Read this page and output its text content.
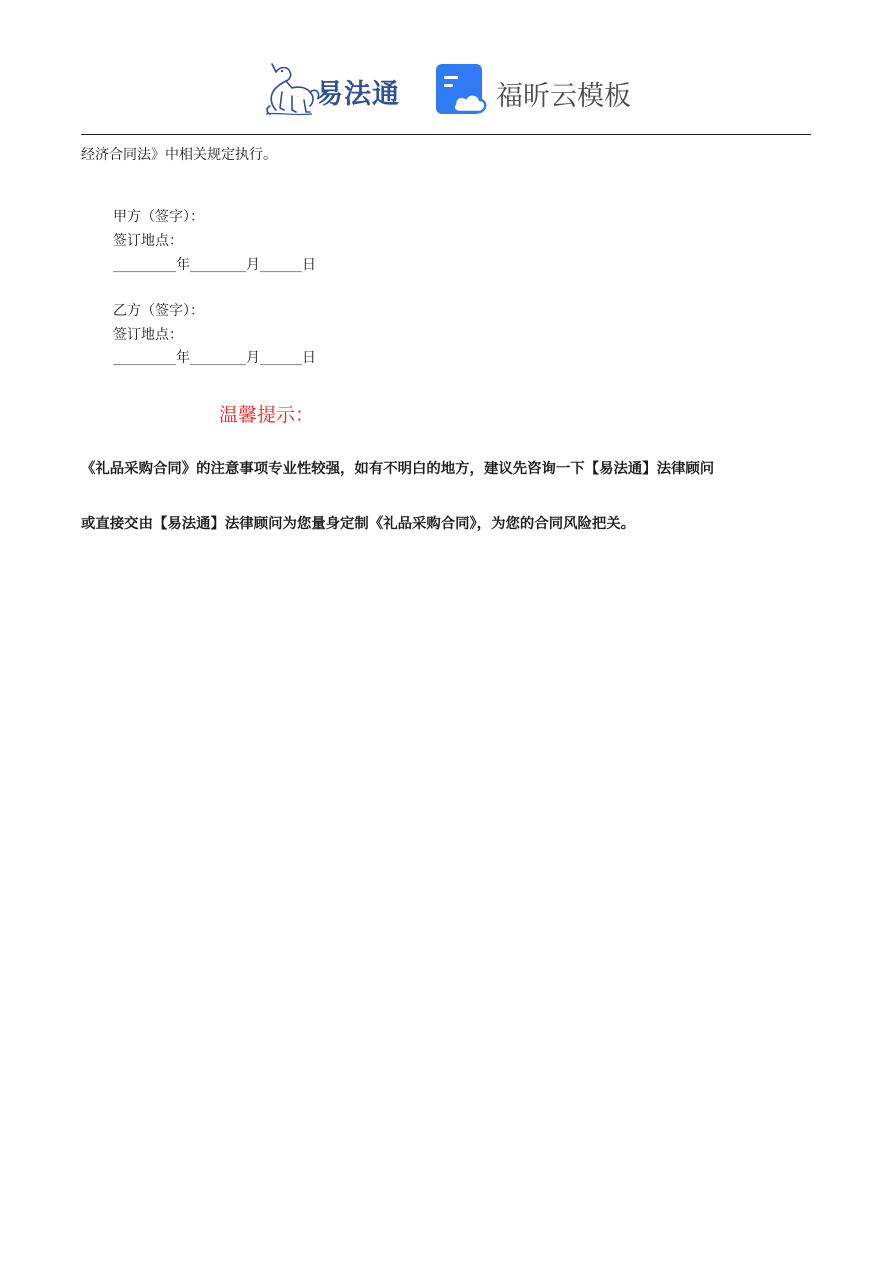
易法通	福昕云模板
经济合同法》中相关规定执行。
甲方（签字）：
签订地点：
_________年________月______日
乙方（签字）：
签订地点：
_________年________月______日
温馨提示：
《礼品采购合同》的注意事项专业性较强，如有不明白的地方，建议先咨询一下【易法通】法律顾问
或直接交由【易法通】法律顾问为您量身定制《礼品采购合同》，为您的合同风险把关。
